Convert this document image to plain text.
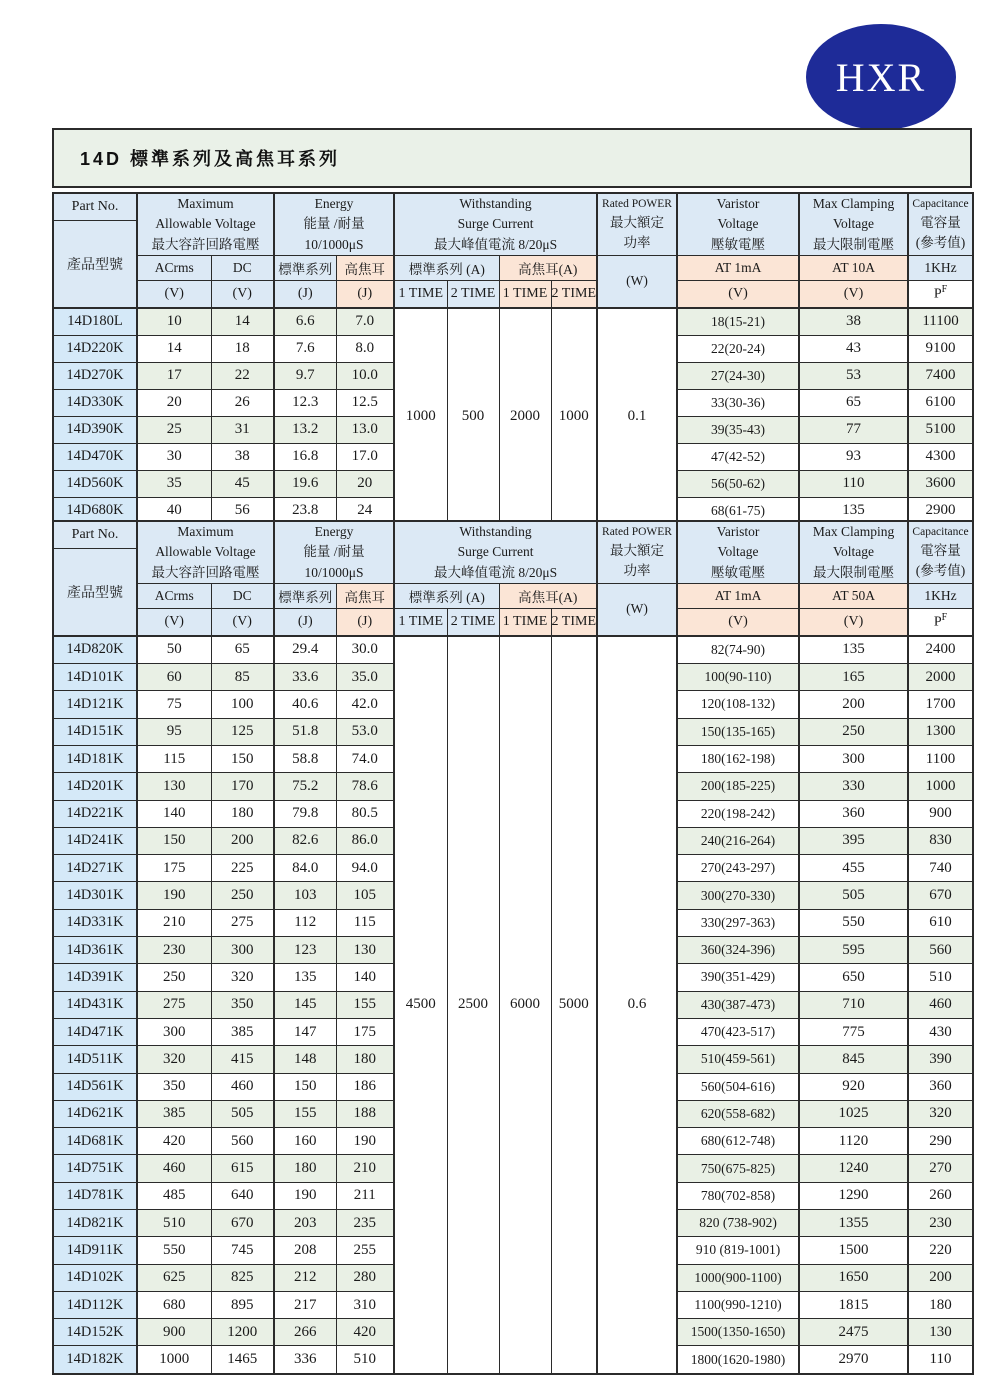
HXR
14D 標準系列及高焦耳系列
Part No.	Maximum
Allowable Voltage
最大容許回路電壓

Energy
能量 /耐量
10/1000μS

Withstanding
Surge Current
最大峰值電流 8/20μS

Rated POWER
最大額定
功率

Varistor
Voltage
壓敏電壓

Max Clamping
Voltage
最大限制電壓

Capacitance
電容量
(參考值)

產品型號												
	ACrms	DC	標準系列	高焦耳	標準系列 (A)		高焦耳(A)		(W)	AT 1mA	AT 10A	1KHz
	(V)	(V)	(J)	(J)	1 TIME	2 TIME	1 TIME	2 TIME		(V)	(V)	$P^F$
14D180L	10	14	6.6	7.0	1000	500	2000	1000	0.1	18(15-21)	38	11100
14D220K	14	18	7.6	8.0						22(20-24)	43	9100
14D270K	17	22	9.7	10.0						27(24-30)	53	7400
14D330K	20	26	12.3	12.5						33(30-36)	65	6100
14D390K	25	31	13.2	13.0						39(35-43)	77	5100
14D470K	30	38	16.8	17.0						47(42-52)	93	4300
14D560K	35	45	19.6	20						56(50-62)	110	3600
14D680K	40	56	23.8	24						68(61-75)	135	2900
Part No.	Maximum
Allowable Voltage
最大容許回路電壓

Energy
能量 /耐量
10/1000μS

Withstanding
Surge Current
最大峰值電流 8/20μS

Rated POWER
最大額定
功率

Varistor
Voltage
壓敏電壓

Max Clamping
Voltage
最大限制電壓

Capacitance
電容量
(參考值)

產品型號												
	ACrms	DC	標準系列	高焦耳	標準系列 (A)		高焦耳(A)		(W)	AT 1mA	AT 50A	1KHz
	(V)	(V)	(J)	(J)	1 TIME	2 TIME	1 TIME	2 TIME		(V)	(V)	$P^F$
14D820K	50	65	29.4	30.0	4500	2500	6000	5000	0.6	82(74-90)	135	2400
14D101K	60	85	33.6	35.0						100(90-110)	165	2000
14D121K	75	100	40.6	42.0						120(108-132)	200	1700
14D151K	95	125	51.8	53.0						150(135-165)	250	1300
14D181K	115	150	58.8	74.0						180(162-198)	300	1100
14D201K	130	170	75.2	78.6						200(185-225)	330	1000
14D221K	140	180	79.8	80.5						220(198-242)	360	900
14D241K	150	200	82.6	86.0						240(216-264)	395	830
14D271K	175	225	84.0	94.0						270(243-297)	455	740
14D301K	190	250	103	105						300(270-330)	505	670
14D331K	210	275	112	115						330(297-363)	550	610
14D361K	230	300	123	130						360(324-396)	595	560
14D391K	250	320	135	140						390(351-429)	650	510
14D431K	275	350	145	155						430(387-473)	710	460
14D471K	300	385	147	175						470(423-517)	775	430
14D511K	320	415	148	180						510(459-561)	845	390
14D561K	350	460	150	186						560(504-616)	920	360
14D621K	385	505	155	188						620(558-682)	1025	320
14D681K	420	560	160	190						680(612-748)	1120	290
14D751K	460	615	180	210						750(675-825)	1240	270
14D781K	485	640	190	211						780(702-858)	1290	260
14D821K	510	670	203	235						820 (738-902)	1355	230
14D911K	550	745	208	255						910 (819-1001)	1500	220
14D102K	625	825	212	280						1000(900-1100)	1650	200
14D112K	680	895	217	310						1100(990-1210)	1815	180
14D152K	900	1200	266	420						1500(1350-1650)	2475	130
14D182K	1000	1465	336	510						1800(1620-1980)	2970	110
